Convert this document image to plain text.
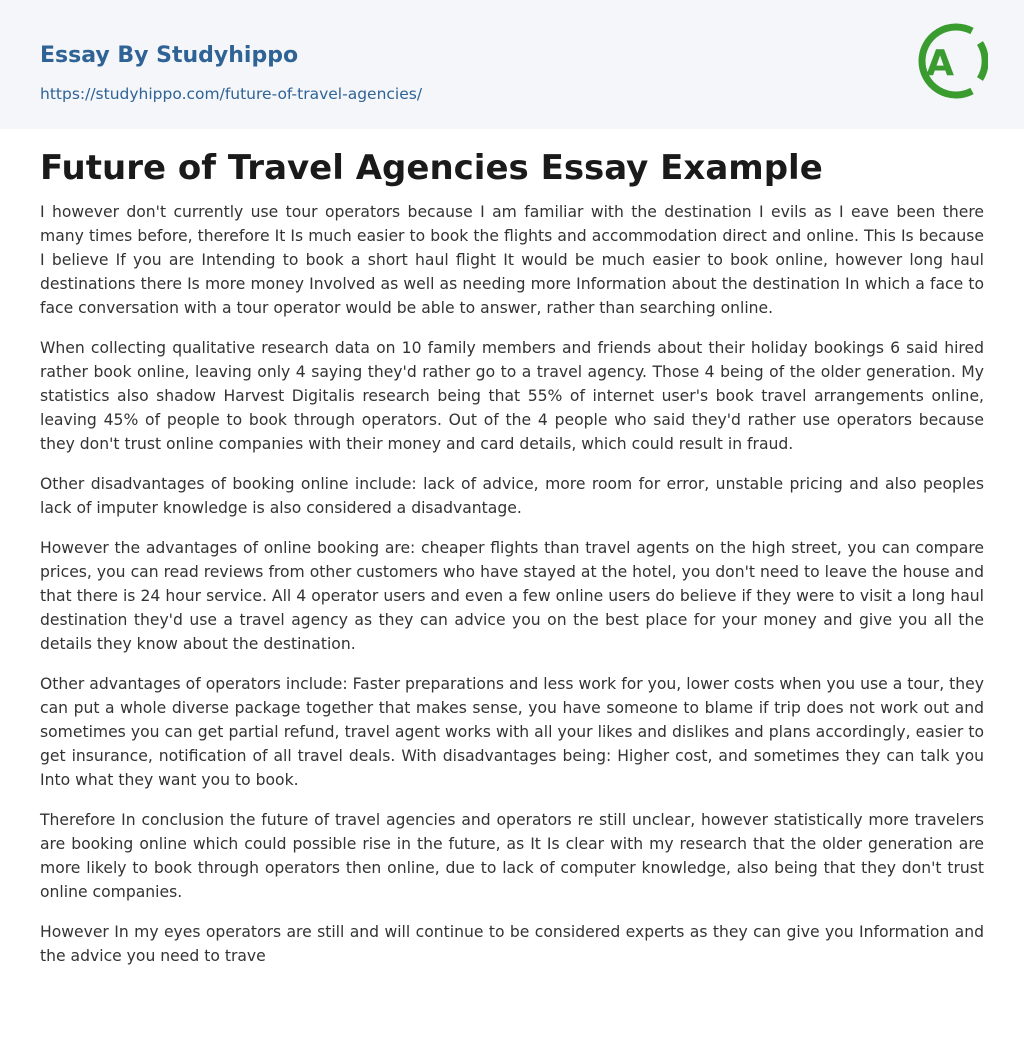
Essay By Studyhippo
https://studyhippo.com/future-of-travel-agencies/
A
Future of Travel Agencies Essay Example

I however don't currently use tour operators because I am familiar with the destination I evils as I eave been there many times before, therefore It Is much easier to book the flights and accommodation direct and online. This Is because I believe If you are Intending to book a short haul flight It would be much easier to book online, however long haul destinations there Is more money Involved as well as needing more Information about the destination In which a face to face conversation with a tour operator would be able to answer, rather than searching online.

When collecting qualitative research data on 10 family members and friends about their holiday bookings 6 said hired rather book online, leaving only 4 saying they'd rather go to a travel agency. Those 4 being of the older generation. My statistics also shadow Harvest Digitalis research being that 55% of internet user's book travel arrangements online, leaving 45% of people to book through operators. Out of the 4 people who said they'd rather use operators because they don't trust online companies with their money and card details, which could result in fraud.

Other disadvantages of booking online include: lack of advice, more room for error, unstable pricing and also peoples lack of imputer knowledge is also considered a disadvantage.

However the advantages of online booking are: cheaper flights than travel agents on the high street, you can compare prices, you can read reviews from other customers who have stayed at the hotel, you don't need to leave the house and that there is 24 hour service. All 4 operator users and even a few online users do believe if they were to visit a long haul destination they'd use a travel agency as they can advice you on the best place for your money and give you all the details they know about the destination.

Other advantages of operators include: Faster preparations and less work for you, lower costs when you use a tour, they can put a whole diverse package together that makes sense, you have someone to blame if trip does not work out and sometimes you can get partial refund, travel agent works with all your likes and dislikes and plans accordingly, easier to get insurance, notification of all travel deals. With disadvantages being: Higher cost, and sometimes they can talk you Into what they want you to book.

Therefore In conclusion the future of travel agencies and operators re still unclear, however statistically more travelers are booking online which could possible rise in the future, as It Is clear with my research that the older generation are more likely to book through operators then online, due to lack of computer knowledge, also being that they don't trust online companies.

However In my eyes operators are still and will continue to be considered experts as they can give you Information and the advice you need to trave
